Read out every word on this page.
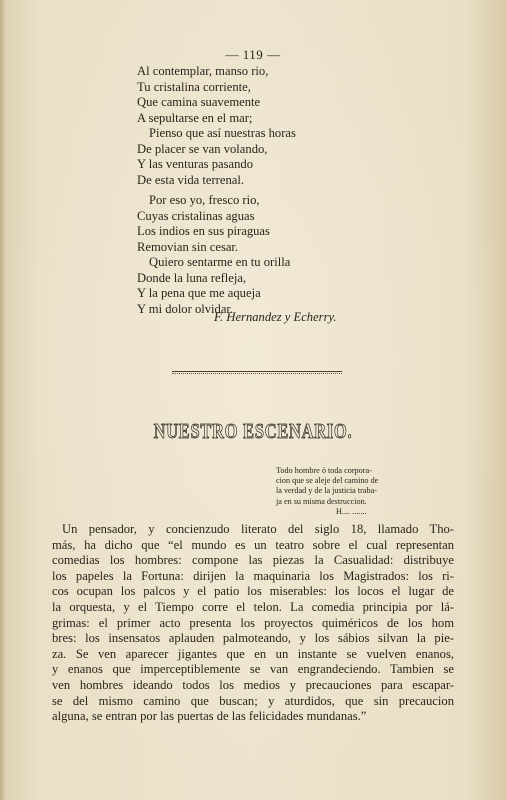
— 119 —
Al contemplar, manso rio,
Tu cristalina corriente,
Que camina suavemente
A sepultarse en el mar;
Pienso que así nuestras horas
De placer se van volando,
Y las venturas pasando
De esta vida terrenal.
Por eso yo, fresco rio,
Cuyas cristalinas aguas
Los indios en sus piraguas
Removian sin cesar.
Quiero sentarme en tu orilla
Donde la luna refleja,
Y la pena que me aqueja
Y mi dolor olvidar.
F. Hernandez y Echerry.
NUESTRO ESCENARIO.
Todo hombre ó toda corpora-
cion que se aleje del camino de
la verdad y de la justicia traba-
ja en su misma destruccion.
H.... .......
Un pensador, y concienzudo literato del siglo 18, llamado Tho-
más, ha dicho que “el mundo es un teatro sobre el cual representan
comedias los hombres: compone las piezas la Casualidad: distribuye
los papeles la Fortuna: dirijen la maquinaria los Magistrados: los ri-
cos ocupan los palcos y el patio los miserables: los locos el lugar de
la orquesta, y el Tiempo corre el telon. La comedia principia por lá-
grimas: el primer acto presenta los proyectos quiméricos de los hom
bres: los insensatos aplauden palmoteando, y los sábios silvan la pie-
za. Se ven aparecer jigantes que en un instante se vuelven enanos,
y enanos que imperceptiblemente se van engrandeciendo. Tambien se
ven hombres ideando todos los medios y precauciones para escapar-
se del mismo camino que buscan; y aturdidos, que sin precaucion
alguna, se entran por las puertas de las felicidades mundanas.”
